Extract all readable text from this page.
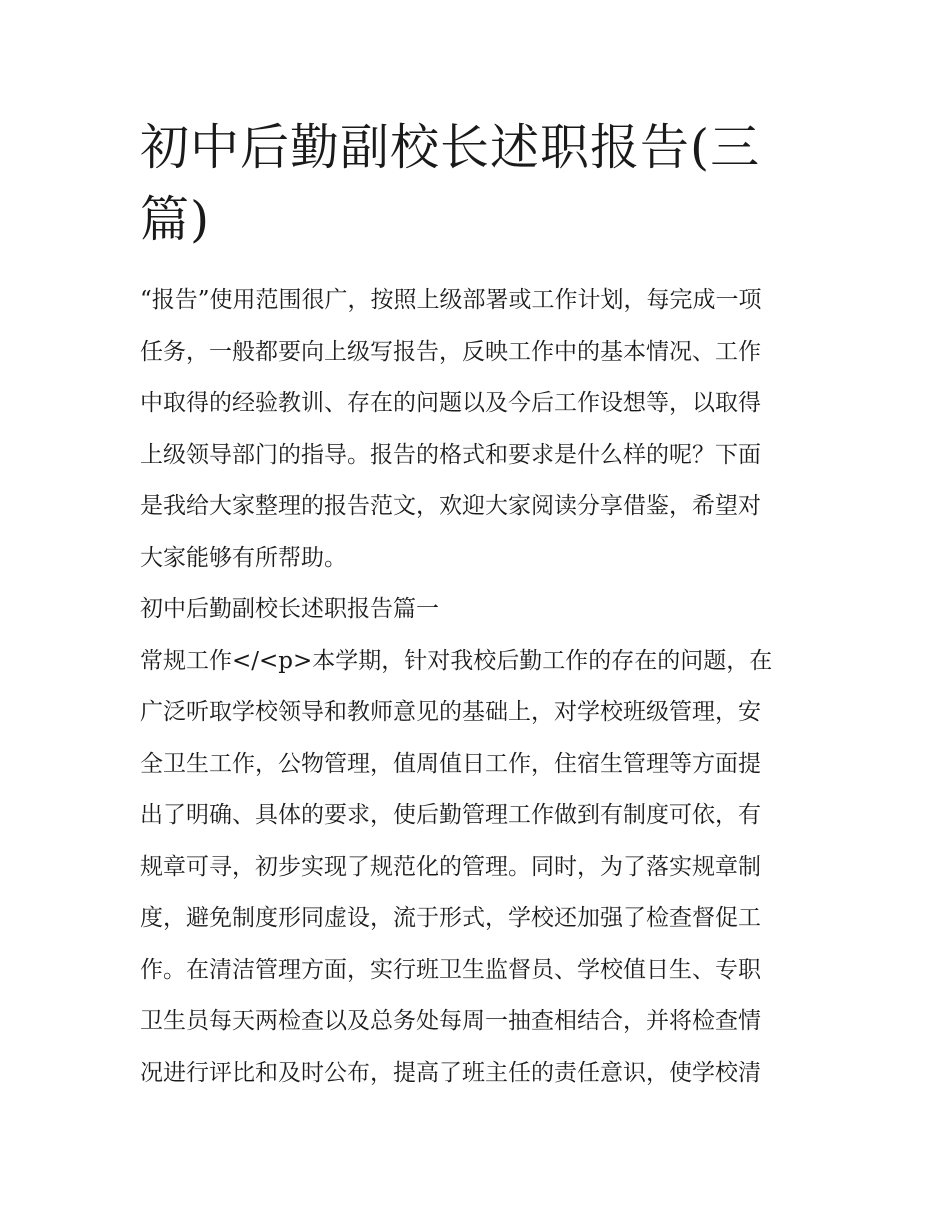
初中后勤副校长述职报告(三篇)

“报告”使用范围很广，按照上级部署或工作计划，每完成一项
任务，一般都要向上级写报告，反映工作中的基本情况、工作
中取得的经验教训、存在的问题以及今后工作设想等，以取得
上级领导部门的指导。报告的格式和要求是什么样的呢？下面
是我给大家整理的报告范文，欢迎大家阅读分享借鉴，希望对
大家能够有所帮助。

初中后勤副校长述职报告篇一

常规工作</<p>本学期，针对我校后勤工作的存在的问题，在
广泛听取学校领导和教师意见的基础上，对学校班级管理，安
全卫生工作，公物管理，值周值日工作，住宿生管理等方面提
出了明确、具体的要求，使后勤管理工作做到有制度可依，有
规章可寻，初步实现了规范化的管理。同时，为了落实规章制
度，避免制度形同虚设，流于形式，学校还加强了检查督促工
作。在清洁管理方面，实行班卫生监督员、学校值日生、专职
卫生员每天两检查以及总务处每周一抽查相结合，并将检查情
况进行评比和及时公布，提高了班主任的责任意识，使学校清
